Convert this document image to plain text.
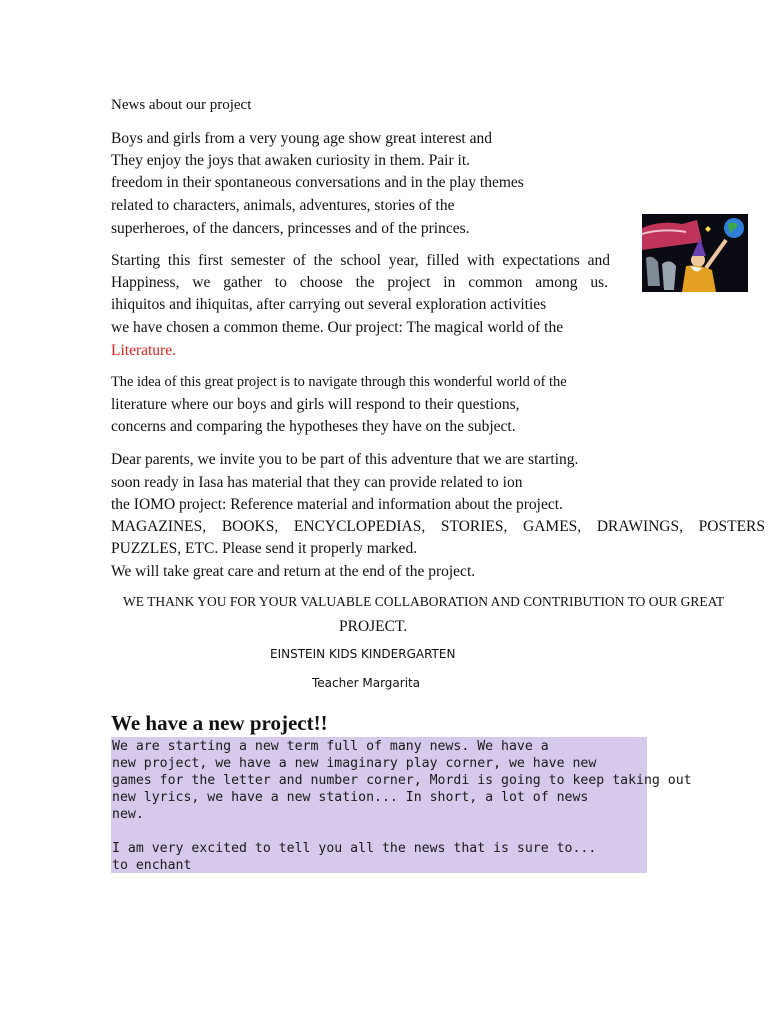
News about our project
Boys and girls from a very young age show great interest and
They enjoy the joys that awaken curiosity in them. Pair it.
freedom in their spontaneous conversations and in the play themes
related to characters, animals, adventures, stories of the
superheroes, of the dancers, princesses and of the princes.
Starting this first semester of the school year, filled with expectations and
Happiness, we gather to choose the project in common among us.
ihiquitos and ihiquitas, after carrying out several exploration activities
we have chosen a common theme. Our project: The magical world of the
Literature.
The idea of this great project is to navigate through this wonderful world of the
literature where our boys and girls will respond to their questions,
concerns and comparing the hypotheses they have on the subject.
Dear parents, we invite you to be part of this adventure that we are starting.
soon ready in Iasa has material that they can provide related to ion
the IOMO project: Reference material and information about the project.
MAGAZINES, BOOKS, ENCYCLOPEDIAS, STORIES, GAMES, DRAWINGS, POSTERS
PUZZLES, ETC. Please send it properly marked.
We will take great care and return at the end of the project.
WE THANK YOU FOR YOUR VALUABLE COLLABORATION AND CONTRIBUTION TO OUR GREAT
PROJECT.
EINSTEIN KIDS KINDERGARTEN
Teacher Margarita
We have a new project!!
We are starting a new term full of many news. We have a
new project, we have a new imaginary play corner, we have new
games for the letter and number corner, Mordi is going to keep taking out
new lyrics, we have a new station... In short, a lot of news
new.
I am very excited to tell you all the news that is sure to...
to enchant
